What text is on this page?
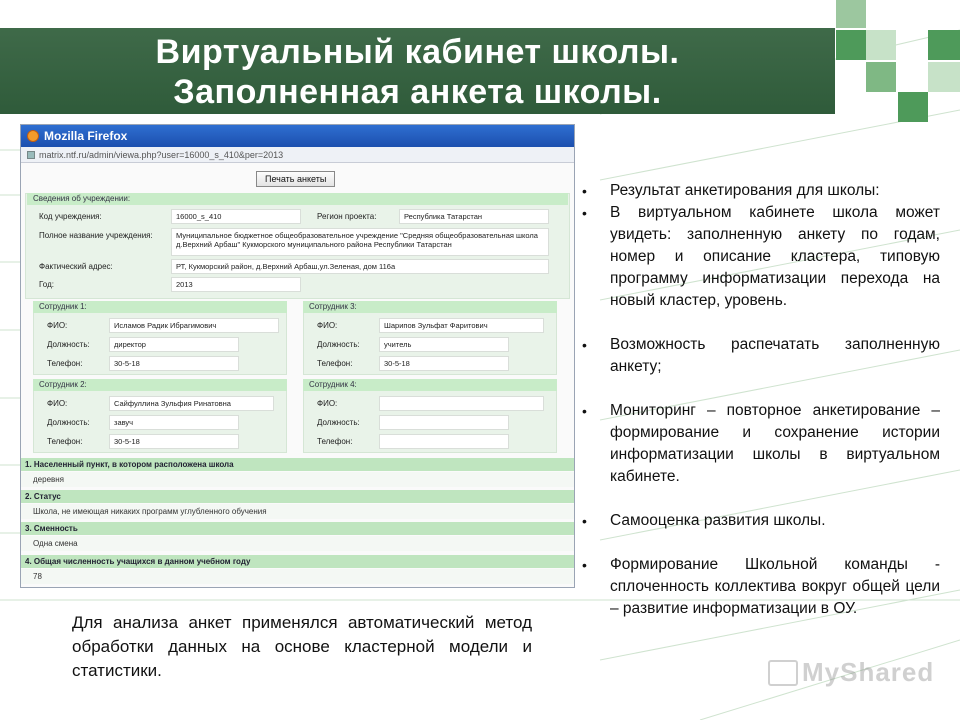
Виртуальный кабинет школы.
Заполненная анкета школы.
Mozilla Firefox
matrix.ntf.ru/admin/viewa.php?user=16000_s_410&per=2013
Печать анкеты
Сведения об учреждении:
Код учреждения:	16000_s_410	Регион проекта:	Республика Татарстан
Полное название учреждения:	Муниципальное бюджетное общеобразовательное учреждение "Средняя общеобразовательная школа д.Верхний Арбаш" Кукморского муниципального района Республики Татарстан
Фактический адрес:	РТ, Кукморский район, д.Верхний Арбаш,ул.Зеленая, дом 116а
Год:	2013
Сотрудник 1:
ФИО:	Исламов Радик Ибрагимович
Должность:	директор
Телефон:	30-5-18
Сотрудник 3:
ФИО:	Шарипов Зульфат Фаритович
Должность:	учитель
Телефон:	30-5-18
Сотрудник 2:
ФИО:	Сайфуллина Зульфия Ринатовна
Должность:	завуч
Телефон:	30-5-18
Сотрудник 4:
ФИО:
Должность:
Телефон:
1. Населенный пункт, в котором расположена школа
деревня
2. Статус
Школа, не имеющая никаких программ углубленного обучения
3. Сменность
Одна смена
4. Общая численность учащихся в данном учебном году
78

Для анализа анкет применялся автоматический метод обработки данных на основе кластерной модели и статистики.

• Результат анкетирования для школы:
• В виртуальном кабинете школа может увидеть: заполненную анкету по годам, номер и описание кластера, типовую программу информатизации перехода на новый кластер, уровень.
• Возможность распечатать заполненную анкету;
• Мониторинг – повторное анкетирование – формирование и сохранение истории информатизации школы в виртуальном кабинете.
• Самооценка развития школы.
• Формирование Школьной команды - сплоченность коллектива вокруг общей цели – развитие информатизации в ОУ.
MyShared
